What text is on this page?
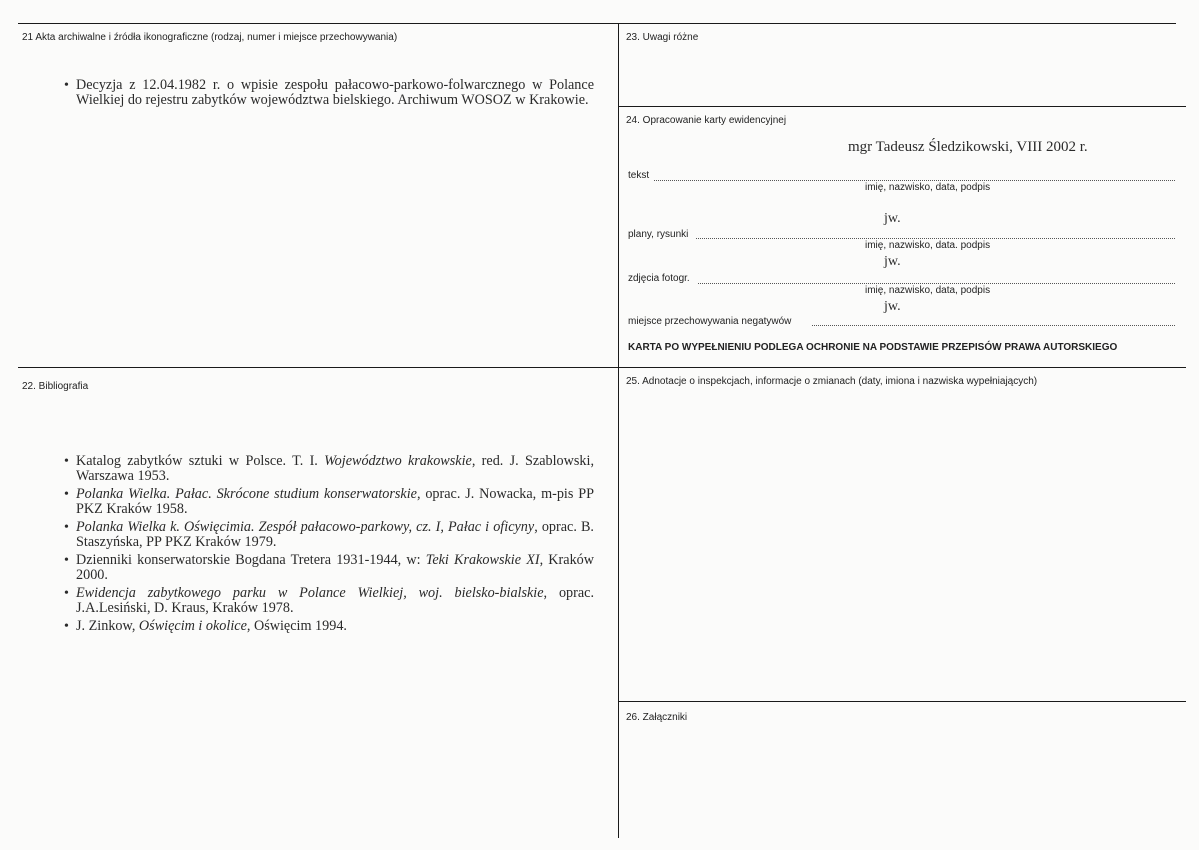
21 Akta archiwalne i źródła ikonograficzne (rodzaj, numer i miejsce przechowywania)
• Decyzja z 12.04.1982 r. o wpisie zespołu pałacowo-parkowo-folwarcznego w Polance Wielkiej do rejestru zabytków województwa bielskiego. Archiwum WOSOZ w Krakowie.
22. Bibliografia
• Katalog zabytków sztuki w Polsce. T. I. Województwo krakowskie, red. J. Szablowski, Warszawa 1953.
• Polanka Wielka. Pałac. Skrócone studium konserwatorskie, oprac. J. Nowacka, m-pis PP PKZ Kraków 1958.
• Polanka Wielka k. Oświęcimia. Zespół pałacowo-parkowy, cz. I, Pałac i oficyny, oprac. B. Staszyńska, PP PKZ Kraków 1979.
• Dzienniki konserwatorskie Bogdana Tretera 1931-1944, w: Teki Krakowskie XI, Kraków 2000.
• Ewidencja zabytkowego parku w Polance Wielkiej, woj. bielsko-bialskie, oprac. J.A.Lesiński, D. Kraus, Kraków 1978.
• J. Zinkow, Oświęcim i okolice, Oświęcim 1994.
23. Uwagi różne
24. Opracowanie karty ewidencyjnej
mgr Tadeusz Śledzikowski, VIII 2002 r.
tekst
imię, nazwisko, data, podpis
jw.
plany, rysunki
imię, nazwisko, data. podpis
jw.
zdjęcia fotogr.
imię, nazwisko, data, podpis
jw.
miejsce przechowywania negatywów
KARTA PO WYPEŁNIENIU PODLEGA OCHRONIE NA PODSTAWIE PRZEPISÓW PRAWA AUTORSKIEGO
25. Adnotacje o inspekcjach, informacje o zmianach (daty, imiona i nazwiska wypełniających)
26. Załączniki
